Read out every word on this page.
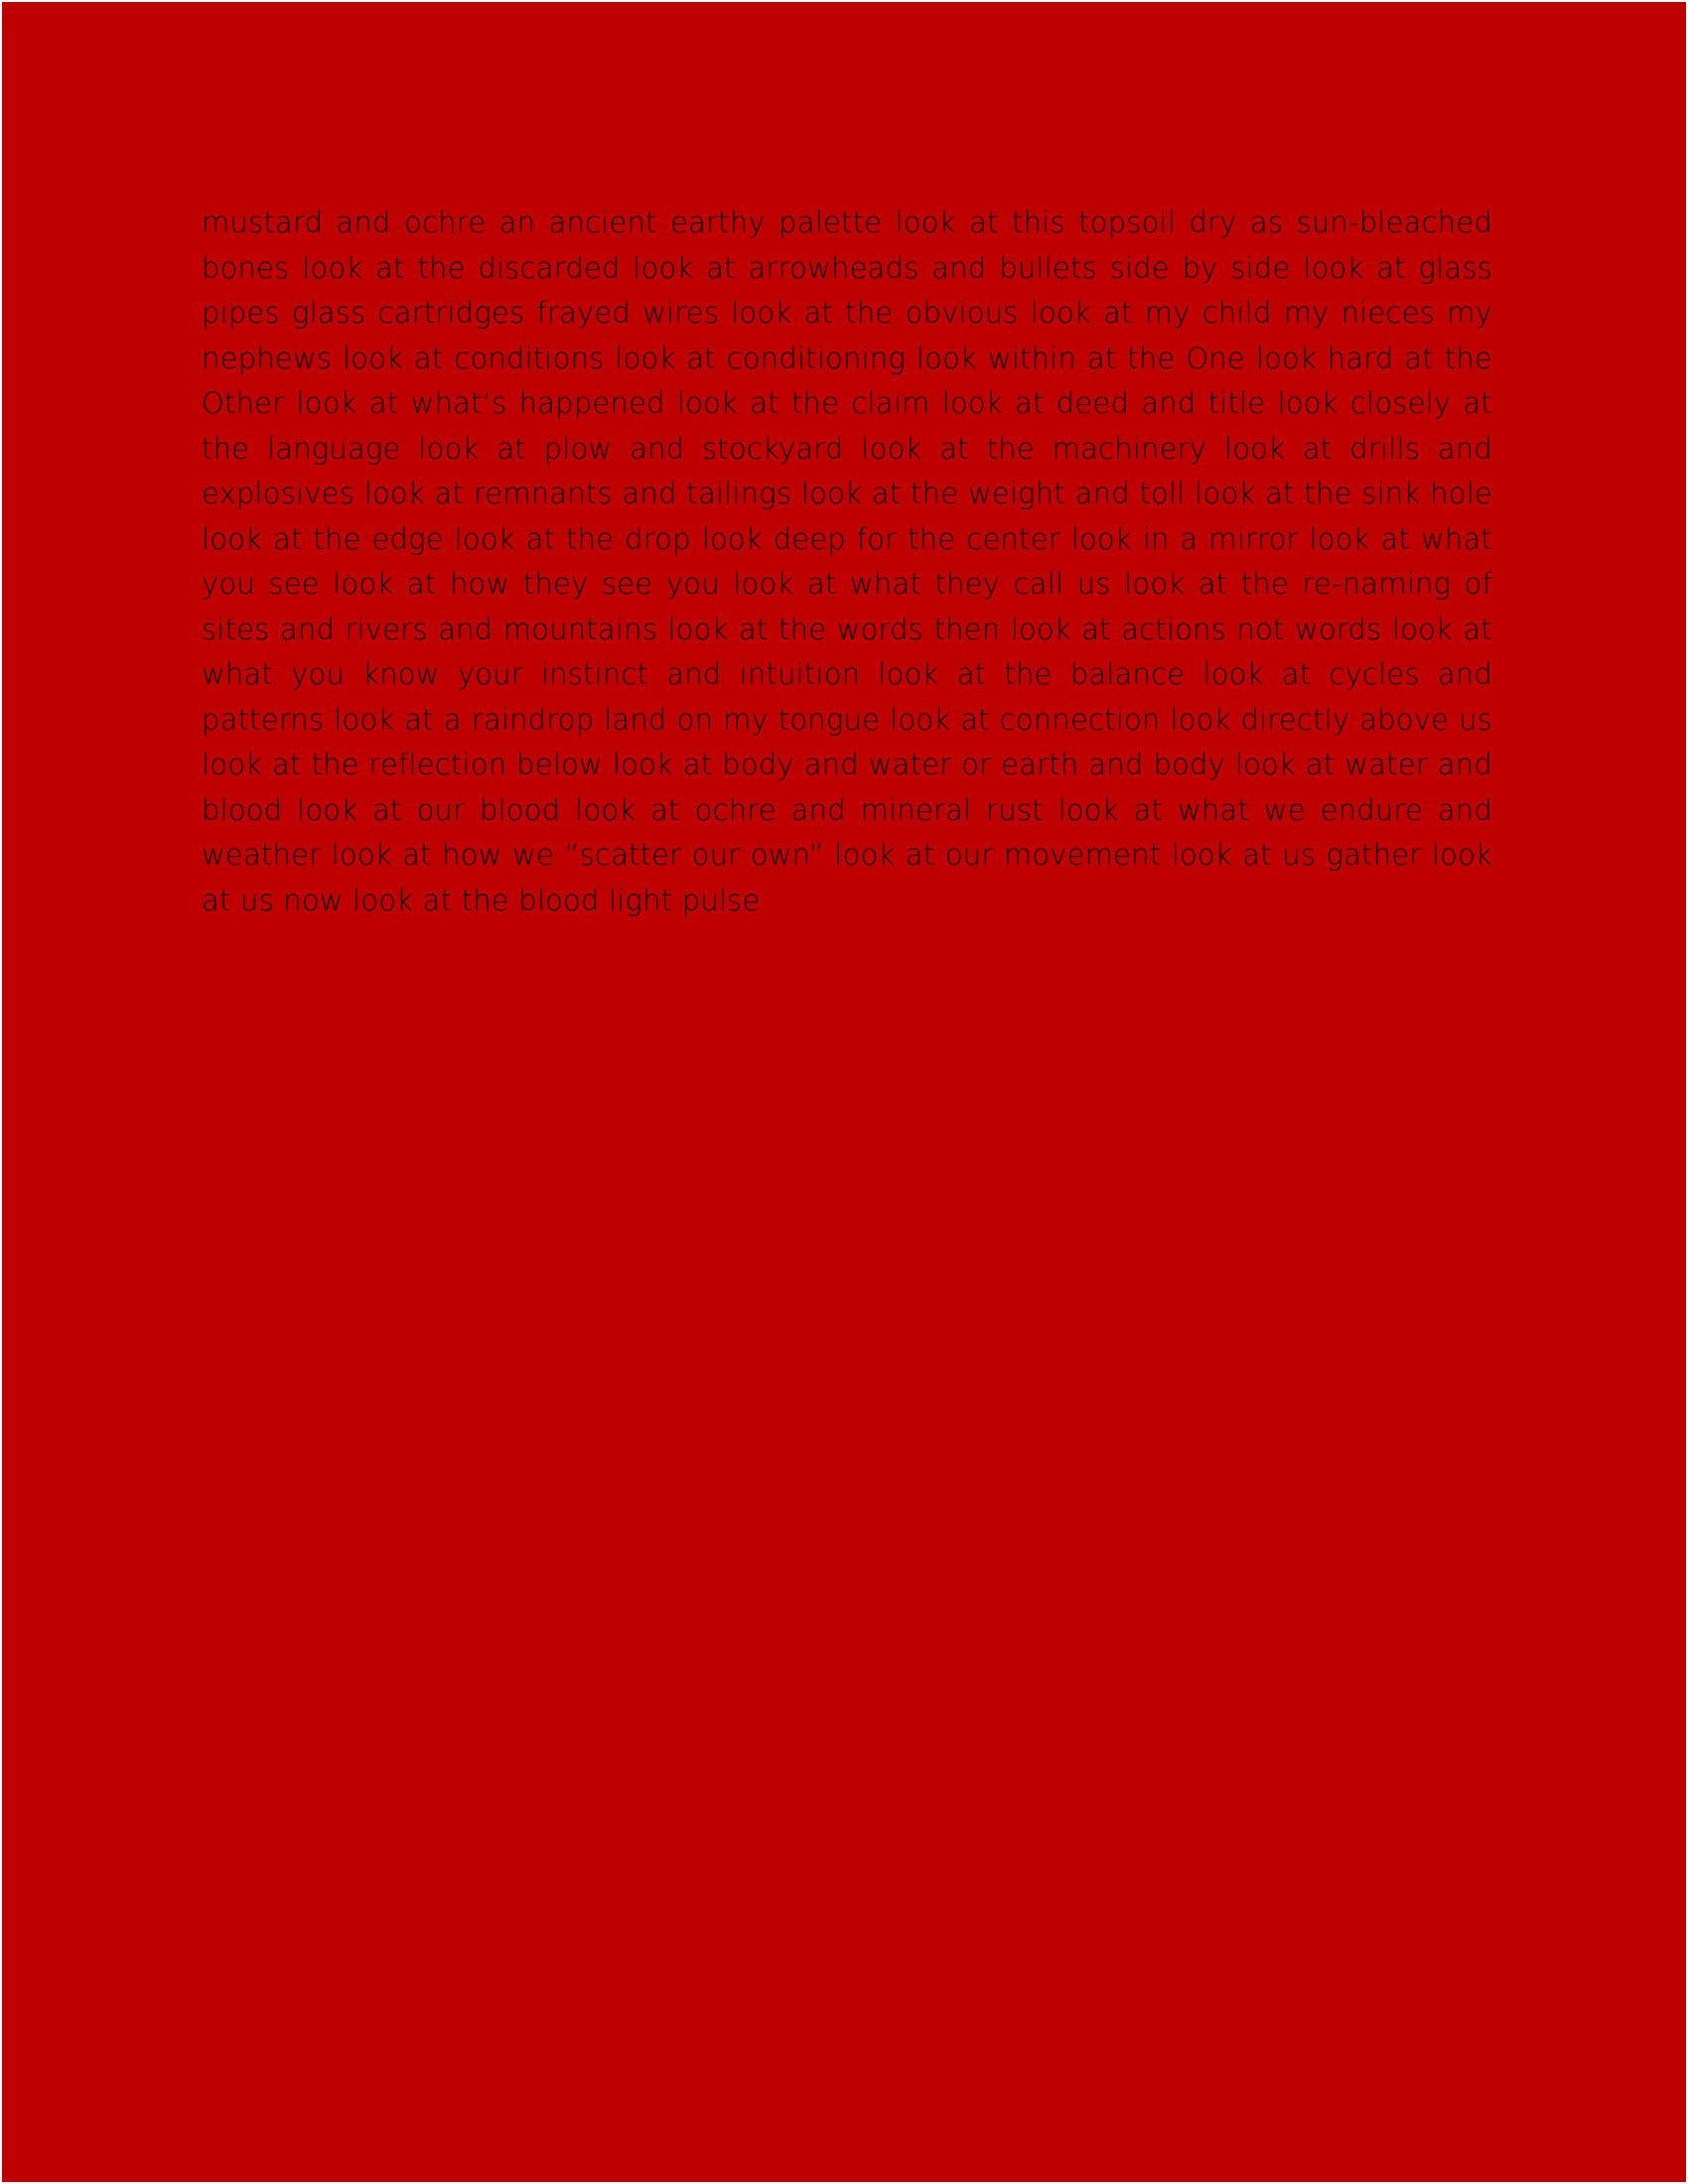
mustard and ochre an ancient earthy palette look at this topsoil dry as sun-bleached bones look at the discarded look at arrowheads and bullets side by side look at glass pipes glass cartridges frayed wires look at the obvious look at my child my nieces my nephews look at conditions look at conditioning look within at the One look hard at the Other look at what’s happened look at the claim look at deed and title look closely at the language look at plow and stockyard look at the machinery look at drills and explosives look at remnants and tailings look at the weight and toll look at the sink hole look at the edge look at the drop look deep for the center look in a mirror look at what you see look at how they see you look at what they call us look at the re-naming of sites and rivers and mountains look at the words then look at actions not words look at what you know your instinct and intuition look at the balance look at cycles and patterns look at a raindrop land on my tongue look at connection look directly above us look at the reflection below look at body and water or earth and body look at water and blood look at our blood look at ochre and mineral rust look at what we endure and weather look at how we “scatter our own” look at our movement look at us gather look at us now look at the blood light pulse
